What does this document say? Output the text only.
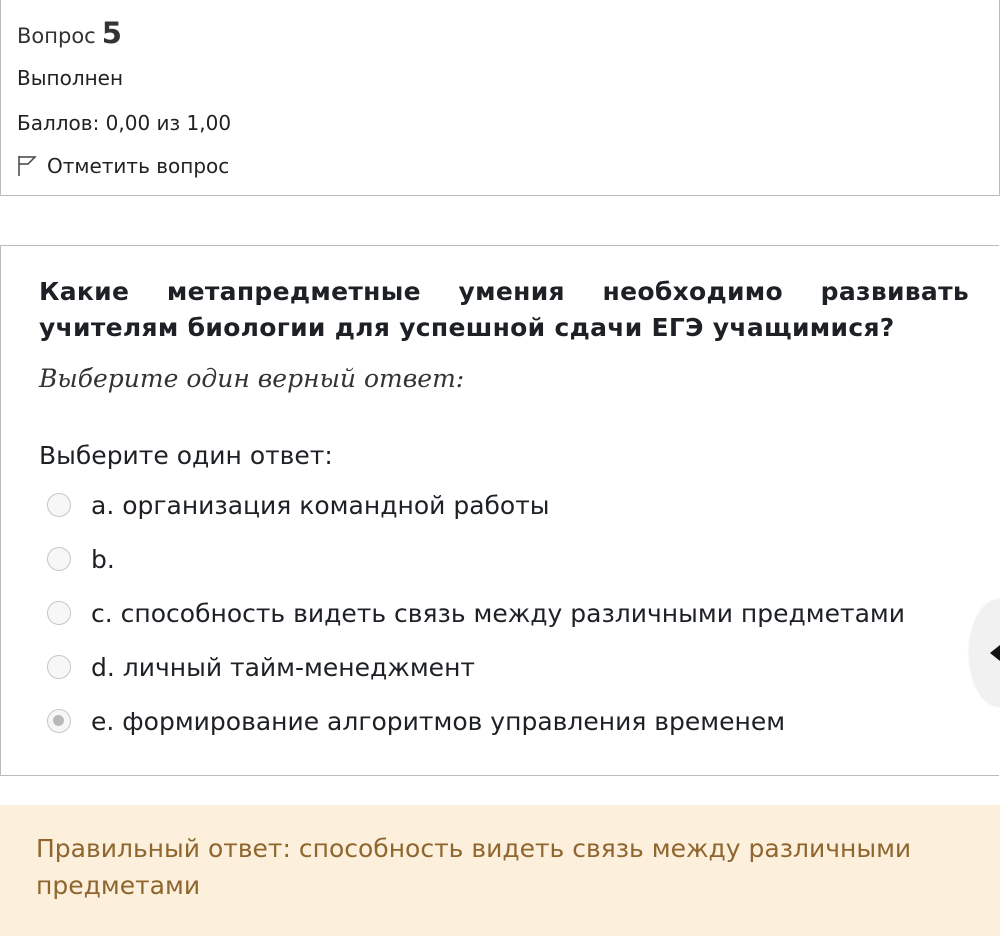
Вопрос 5
Выполнен
Баллов: 0,00 из 1,00
Отметить вопрос
Какие метапредметные умения необходимо развивать учителям биологии для успешной сдачи ЕГЭ учащимися?
Выберите один верный ответ:
Выберите один ответ:
a. организация командной работы
b.
c. способность видеть связь между различными предметами
d. личный тайм-менеджмент
e. формирование алгоритмов управления временем
Правильный ответ: способность видеть связь между различными предметами
